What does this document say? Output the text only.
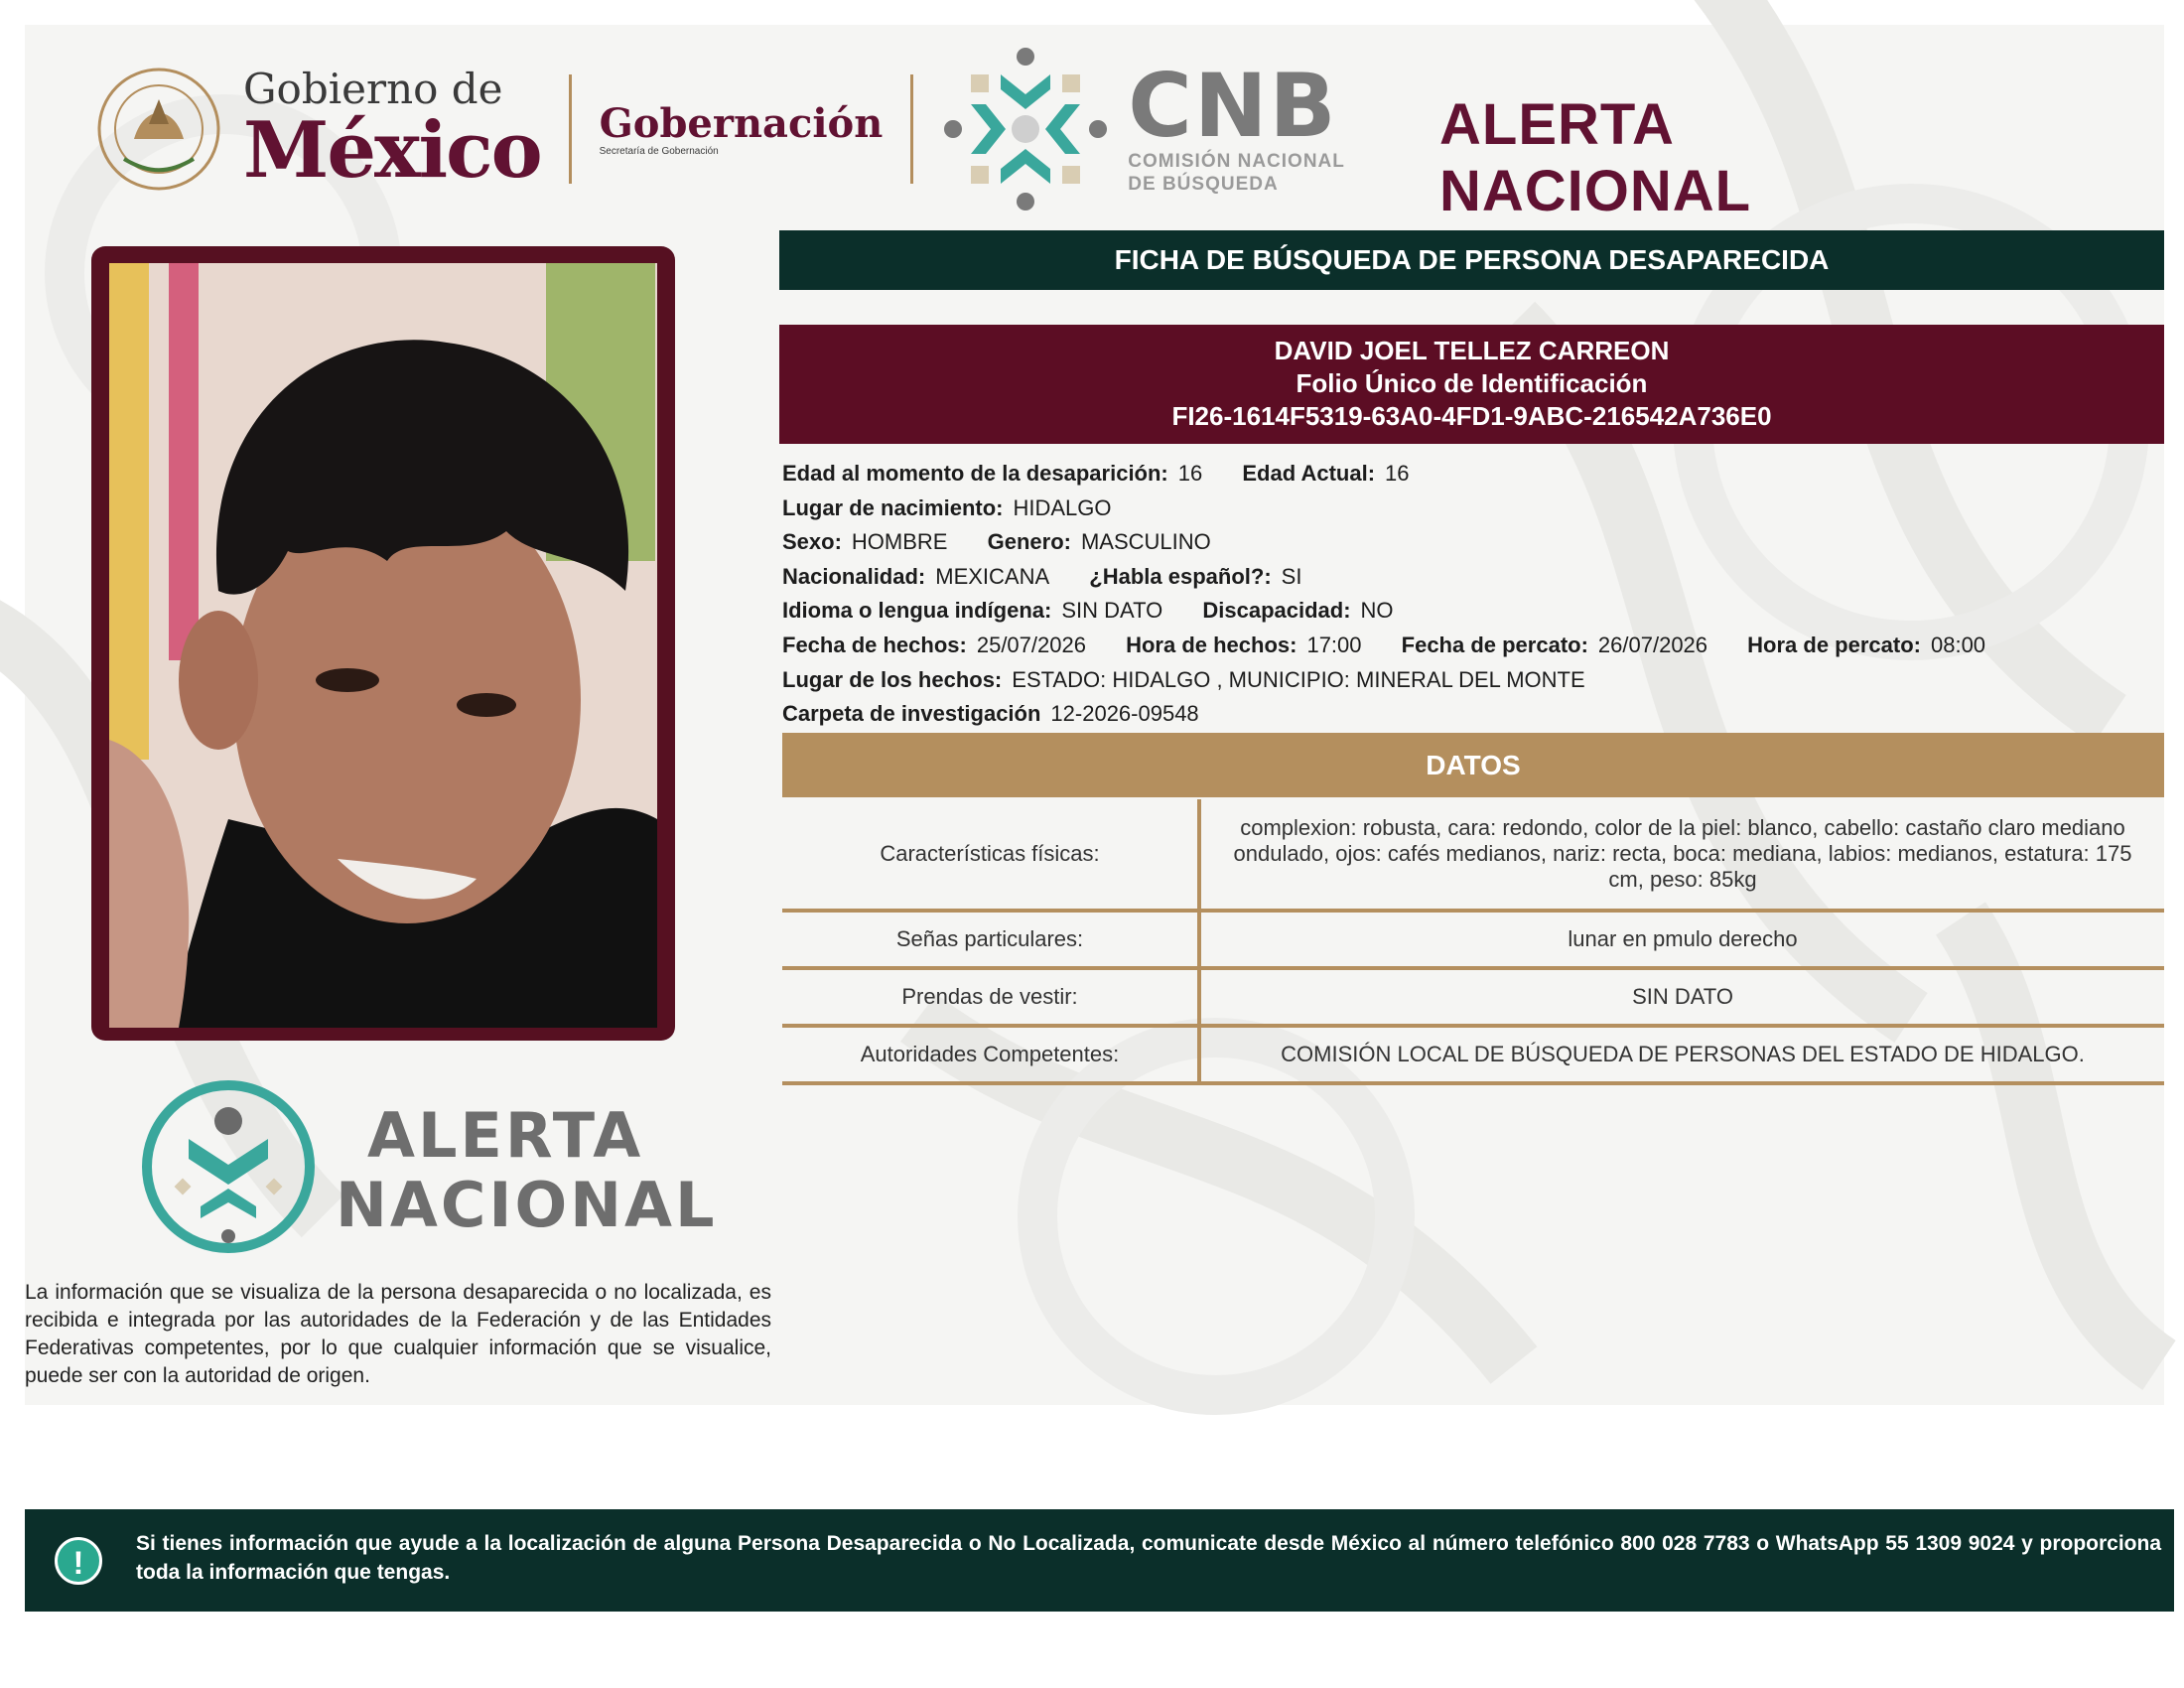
Gobierno de
México Gobernación
Secretaría de Gobernación	CNB
COMISIÓN NACIONAL
DE BÚSQUEDA
ALERTA NACIONAL
FICHA DE BÚSQUEDA DE PERSONA DESAPARECIDA
DAVID JOEL TELLEZ CARREON
Folio Único de Identificación
FI26-1614F5319-63A0-4FD1-9ABC-216542A736E0
Edad al momento de la desaparición: 16 Edad Actual: 16
Lugar de nacimiento: HIDALGO
Sexo: HOMBRE Genero: MASCULINO
Nacionalidad: MEXICANA ¿Habla español?: SI
Idioma o lengua indígena: SIN DATO Discapacidad: NO
Fecha de hechos: 25/07/2026 Hora de hechos: 17:00 Fecha de percato: 26/07/2026 Hora de percato: 08:00
Lugar de los hechos: ESTADO: HIDALGO , MUNICIPIO: MINERAL DEL MONTE
Carpeta de investigación 12-2026-09548
DATOS
Características físicas:	complexion: robusta, cara: redondo, color de la piel: blanco, cabello: castaño claro mediano ondulado, ojos: cafés medianos, nariz: recta, boca: mediana, labios: medianos, estatura: 175 cm, peso: 85kg
Señas particulares:	lunar en pmulo derecho
Prendas de vestir:	SIN DATO
Autoridades Competentes:	COMISIÓN LOCAL DE BÚSQUEDA DE PERSONAS DEL ESTADO DE HIDALGO.
ALERTA
NACIONAL
La información que se visualiza de la persona desaparecida o no localizada, es recibida e integrada por las autoridades de la Federación y de las Entidades Federativas competentes, por lo que cualquier información que se visualice, puede ser con la autoridad de origen.
!
Si tienes información que ayude a la localización de alguna Persona Desaparecida o No Localizada, comunicate desde México al número telefónico 800 028 7783 o WhatsApp 55 1309 9024 y proporciona toda la información que tengas.
